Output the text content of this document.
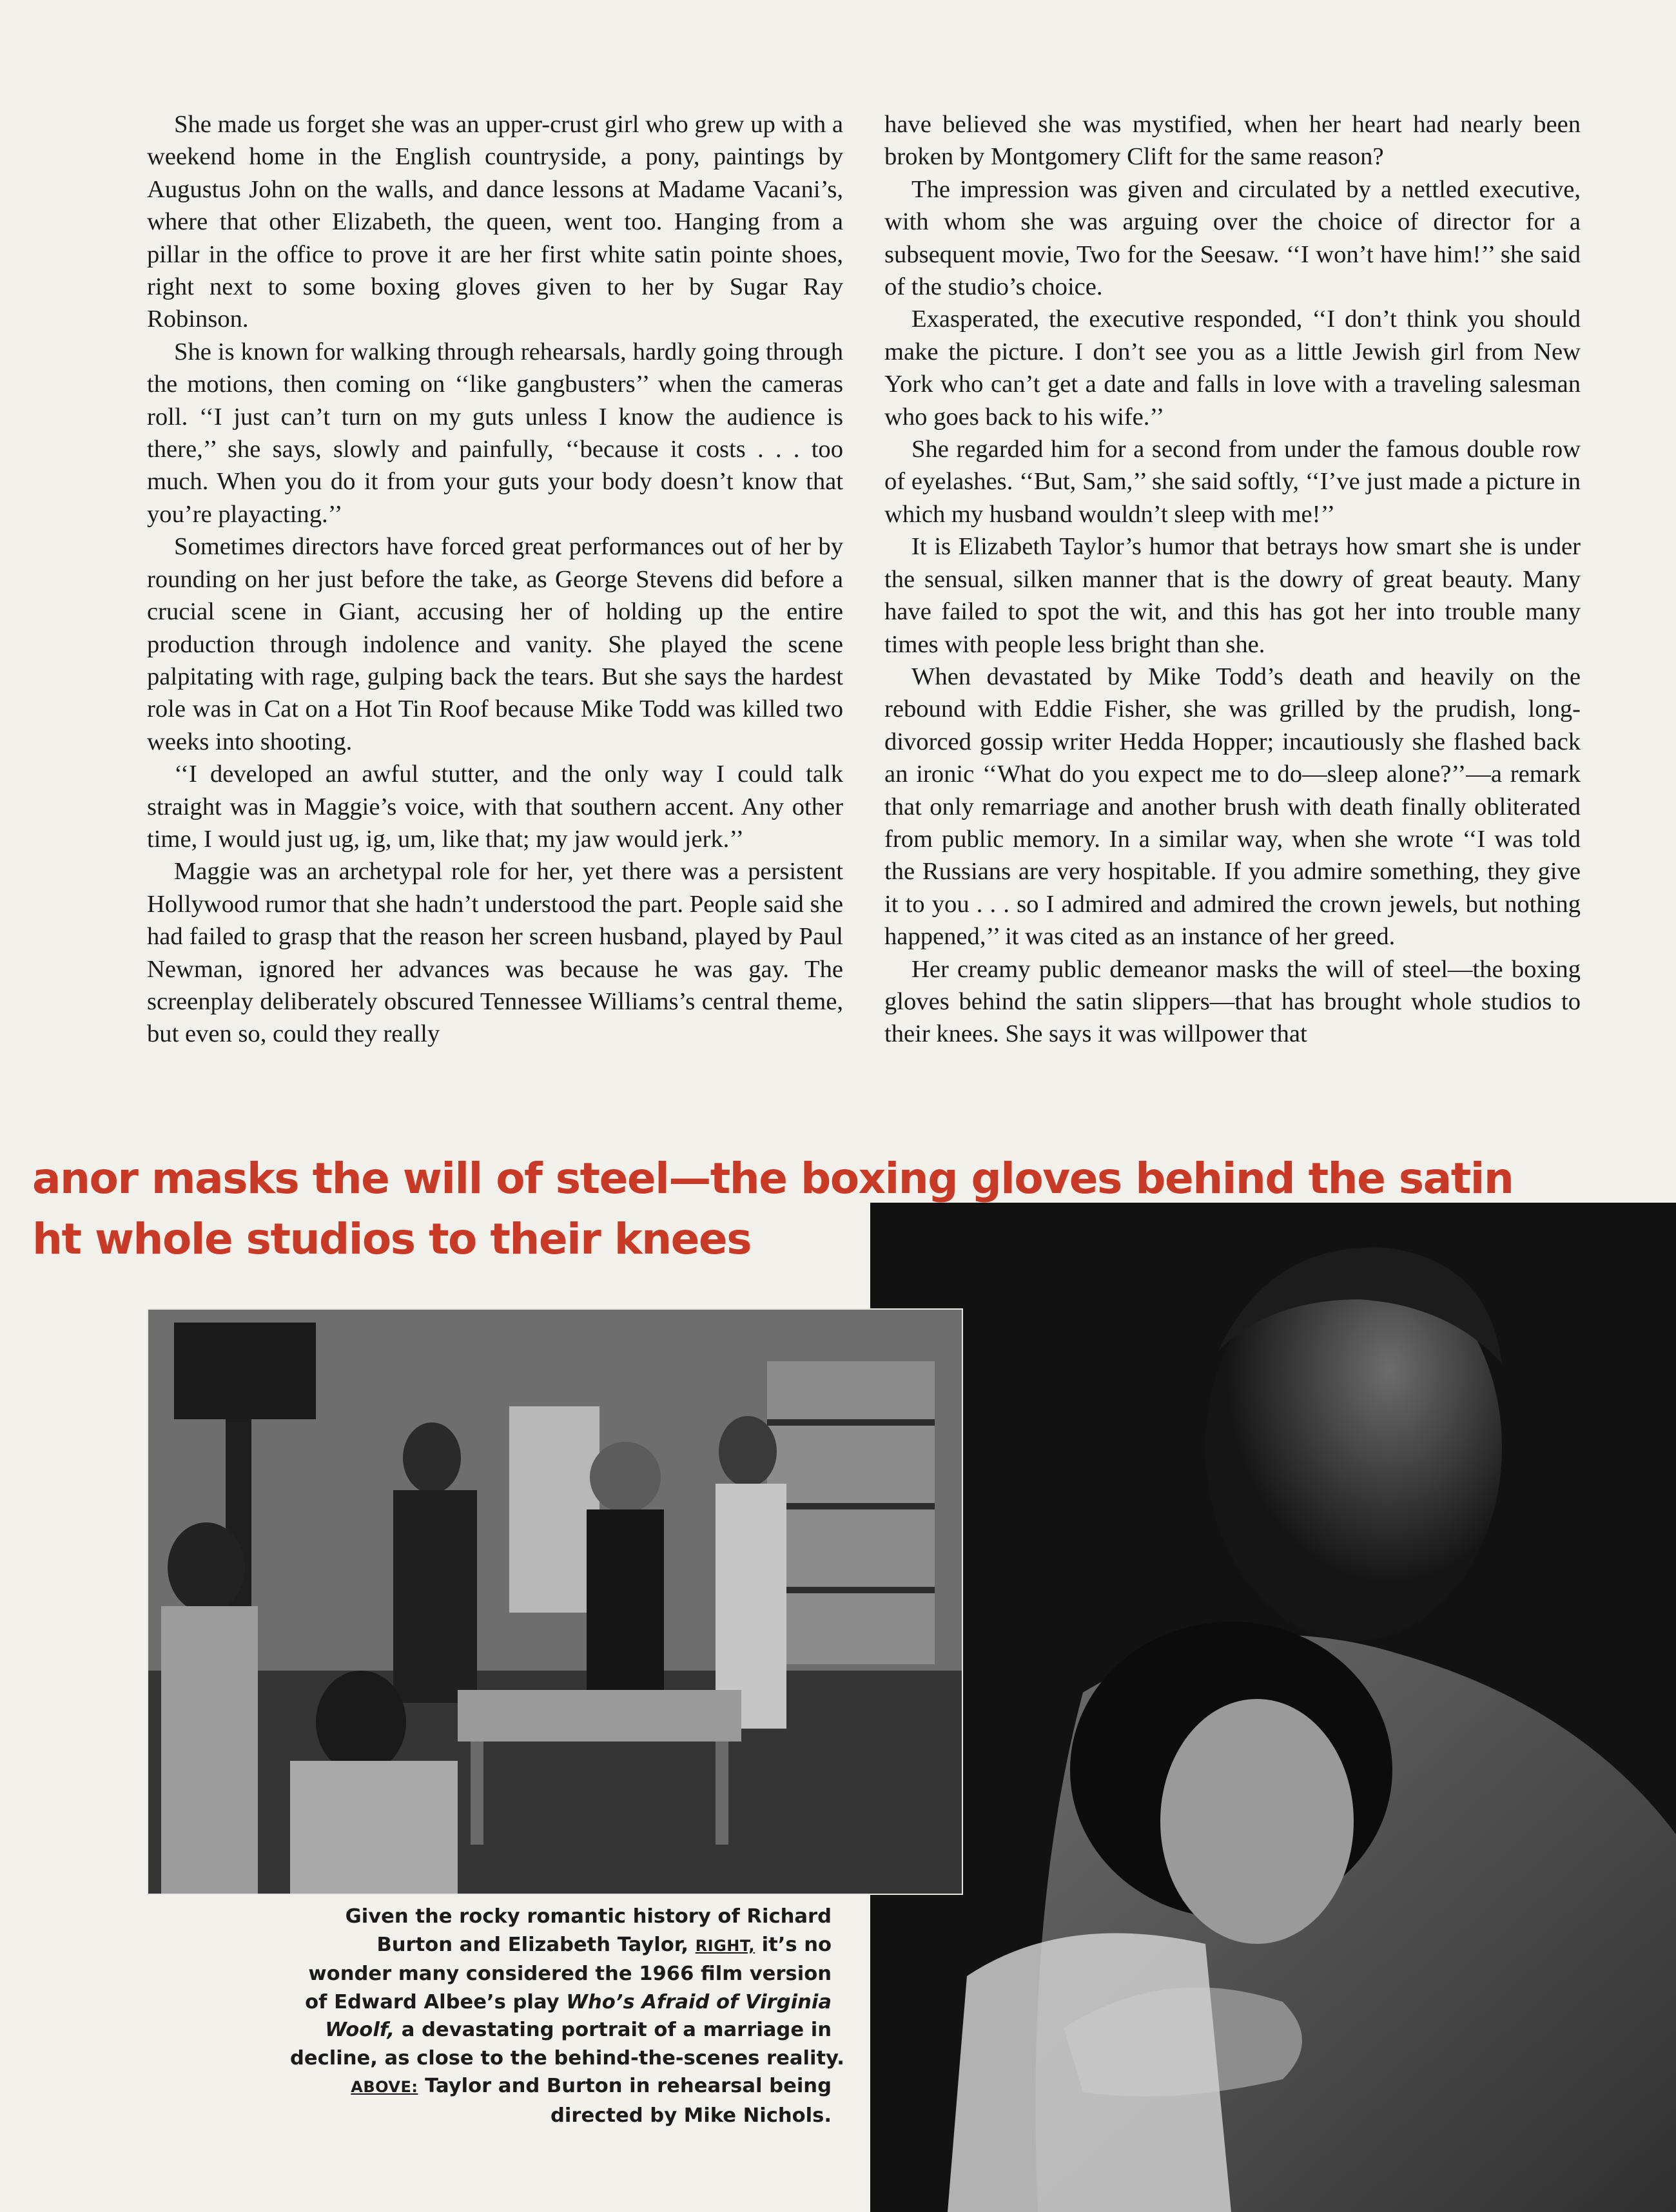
She made us forget she was an upper-crust girl who grew up with a weekend home in the English countryside, a pony, paintings by Augustus John on the walls, and dance lessons at Madame Vacani’s, where that other Elizabeth, the queen, went too. Hanging from a pillar in the office to prove it are her first white satin pointe shoes, right next to some boxing gloves given to her by Sugar Ray Robinson.

She is known for walking through rehearsals, hardly going through the motions, then coming on ‘‘like gangbusters’’ when the cameras roll. ‘‘I just can’t turn on my guts unless I know the audience is there,’’ she says, slowly and painfully, ‘‘because it costs . . . too much. When you do it from your guts your body doesn’t know that you’re playacting.’’

Sometimes directors have forced great performances out of her by rounding on her just before the take, as George Stevens did before a crucial scene in Giant, accusing her of holding up the entire production through indolence and vanity. She played the scene palpitating with rage, gulping back the tears. But she says the hardest role was in Cat on a Hot Tin Roof because Mike Todd was killed two weeks into shooting.

‘‘I developed an awful stutter, and the only way I could talk straight was in Maggie’s voice, with that southern accent. Any other time, I would just ug, ig, um, like that; my jaw would jerk.’’

Maggie was an archetypal role for her, yet there was a persistent Hollywood rumor that she hadn’t understood the part. People said she had failed to grasp that the reason her screen husband, played by Paul Newman, ignored her advances was because he was gay. The screenplay deliberately obscured Tennessee Williams’s central theme, but even so, could they really

have believed she was mystified, when her heart had nearly been broken by Montgomery Clift for the same reason?

The impression was given and circulated by a nettled executive, with whom she was arguing over the choice of director for a subsequent movie, Two for the Seesaw. ‘‘I won’t have him!’’ she said of the studio’s choice.

Exasperated, the executive responded, ‘‘I don’t think you should make the picture. I don’t see you as a little Jewish girl from New York who can’t get a date and falls in love with a traveling salesman who goes back to his wife.’’

She regarded him for a second from under the famous double row of eyelashes. ‘‘But, Sam,’’ she said softly, ‘‘I’ve just made a picture in which my husband wouldn’t sleep with me!’’

It is Elizabeth Taylor’s humor that betrays how smart she is under the sensual, silken manner that is the dowry of great beauty. Many have failed to spot the wit, and this has got her into trouble many times with people less bright than she.

When devastated by Mike Todd’s death and heavily on the rebound with Eddie Fisher, she was grilled by the prudish, long-divorced gossip writer Hedda Hopper; incautiously she flashed back an ironic ‘‘What do you expect me to do—sleep alone?’’—a remark that only remarriage and another brush with death finally obliterated from public memory. In a similar way, when she wrote ‘‘I was told the Russians are very hospitable. If you admire something, they give it to you . . . so I admired and admired the crown jewels, but nothing happened,’’ it was cited as an instance of her greed.

Her creamy public demeanor masks the will of steel—the boxing gloves behind the satin slippers—that has brought whole studios to their knees. She says it was willpower that

anor masks the will of steel—the boxing gloves behind the satin
ht whole studios to their knees
Given the rocky romantic history of Richard
Burton and Elizabeth Taylor, RIGHT, it’s no
wonder many considered the 1966 film version
of Edward Albee’s play Who’s Afraid of Virginia
Woolf, a devastating portrait of a marriage in
decline, as close to the behind-the-scenes reality.
ABOVE: Taylor and Burton in rehearsal being
directed by Mike Nichols.
